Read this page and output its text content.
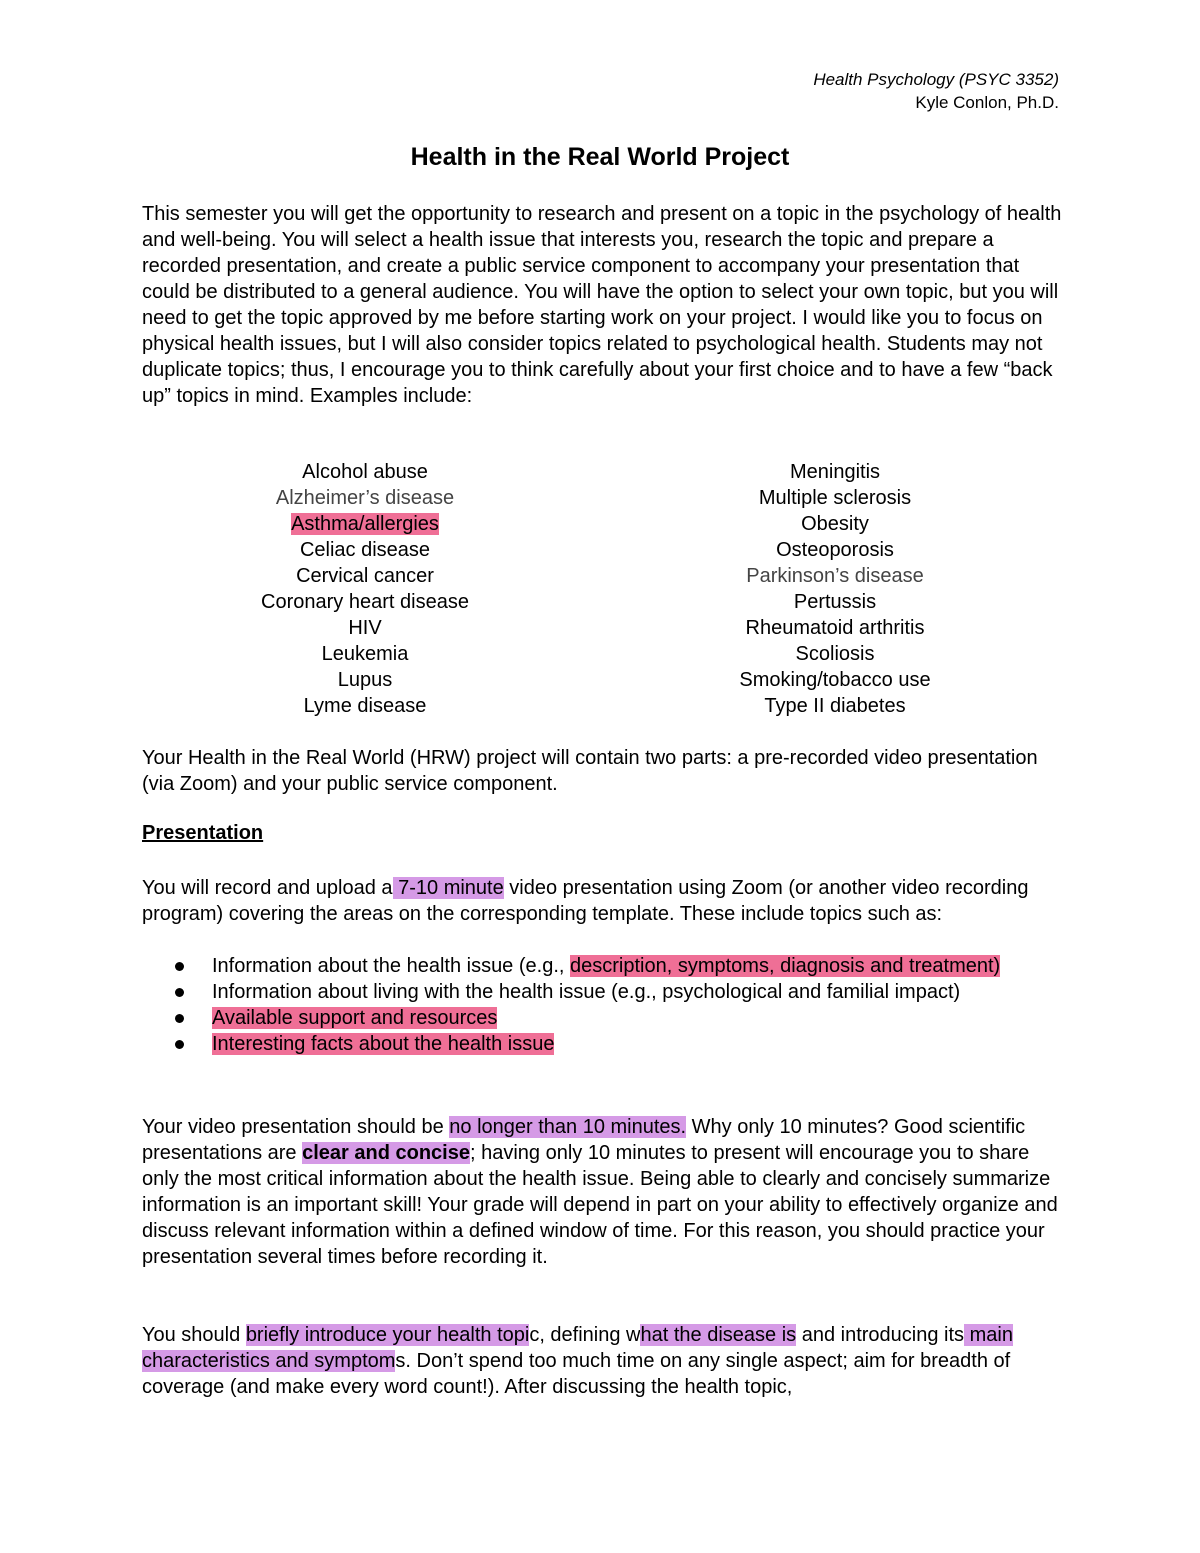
Health Psychology (PSYC 3352)
Kyle Conlon, Ph.D.
Health in the Real World Project
This semester you will get the opportunity to research and present on a topic in the psychology of health and well-being. You will select a health issue that interests you, research the topic and prepare a recorded presentation, and create a public service component to accompany your presentation that could be distributed to a general audience. You will have the option to select your own topic, but you will need to get the topic approved by me before starting work on your project. I would like you to focus on physical health issues, but I will also consider topics related to psychological health. Students may not duplicate topics; thus, I encourage you to think carefully about your first choice and to have a few “back up” topics in mind. Examples include:
Alcohol abuse
Alzheimer’s disease
Asthma/allergies
Celiac disease
Cervical cancer
Coronary heart disease
HIV
Leukemia
Lupus
Lyme disease
Meningitis
Multiple sclerosis
Obesity
Osteoporosis
Parkinson’s disease
Pertussis
Rheumatoid arthritis
Scoliosis
Smoking/tobacco use
Type II diabetes
Your Health in the Real World (HRW) project will contain two parts: a pre-recorded video presentation (via Zoom) and your public service component.
Presentation
You will record and upload a 7-10 minute video presentation using Zoom (or another video recording program) covering the areas on the corresponding template. These include topics such as:
Information about the health issue (e.g., description, symptoms, diagnosis and treatment)
Information about living with the health issue (e.g., psychological and familial impact)
Available support and resources
Interesting facts about the health issue
Your video presentation should be no longer than 10 minutes. Why only 10 minutes? Good scientific presentations are clear and concise; having only 10 minutes to present will encourage you to share only the most critical information about the health issue. Being able to clearly and concisely summarize information is an important skill! Your grade will depend in part on your ability to effectively organize and discuss relevant information within a defined window of time. For this reason, you should practice your presentation several times before recording it.
You should briefly introduce your health topic, defining what the disease is and introducing its main characteristics and symptoms. Don’t spend too much time on any single aspect; aim for breadth of coverage (and make every word count!). After discussing the health topic,
